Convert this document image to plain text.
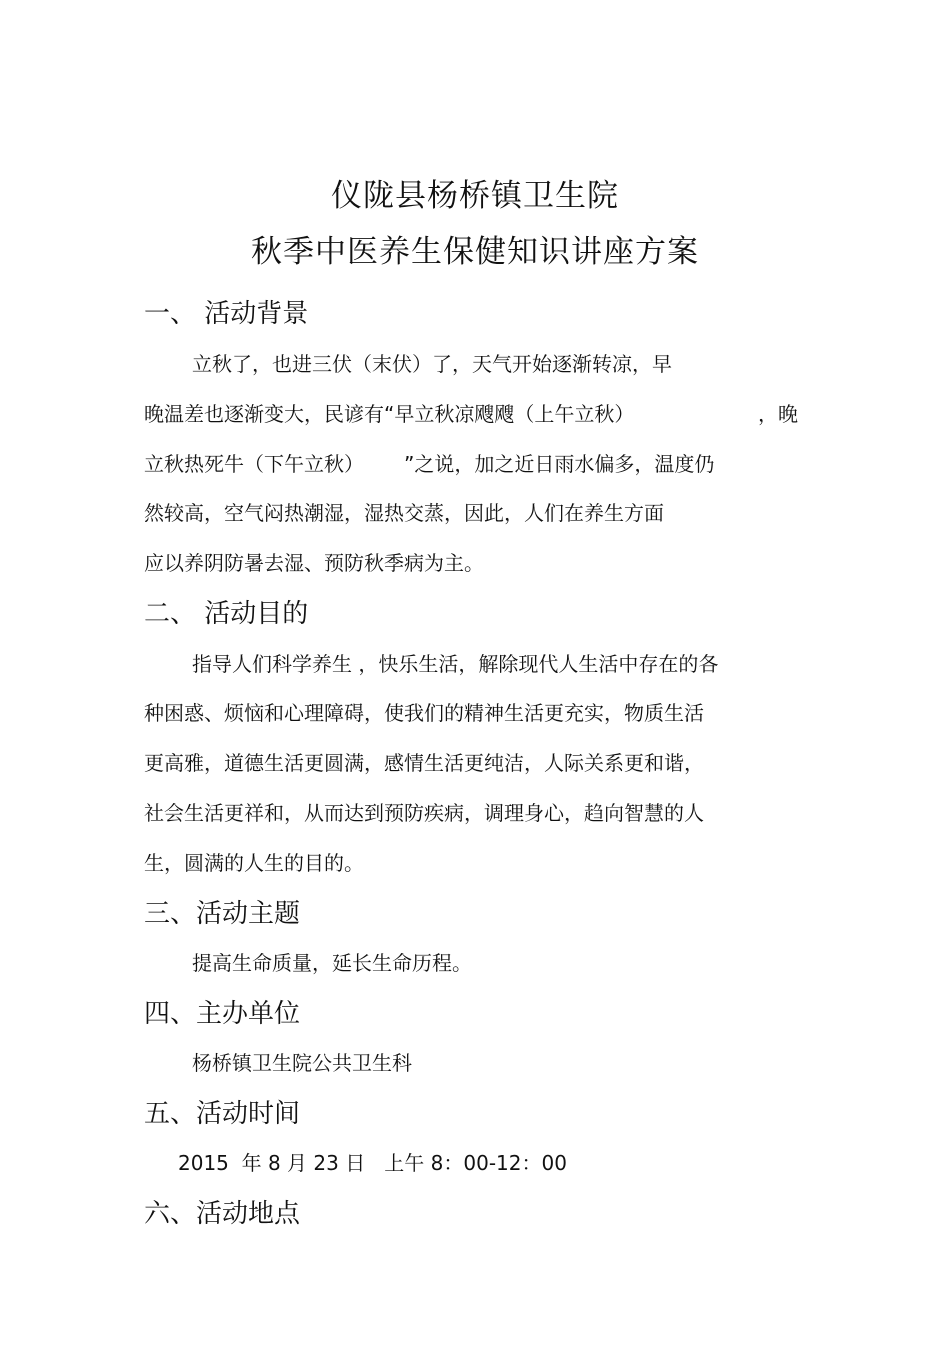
仪陇县杨桥镇卫生院
秋季中医养生保健知识讲座方案
一、 活动背景
立秋了，也进三伏（末伏）了，天气开始逐渐转凉，早
晚温差也逐渐变大，民谚有“早立秋凉飕飕（上午立秋）	，晚
立秋热死牛（下午立秋） ”之说，加之近日雨水偏多，温度仍
然较高，空气闷热潮湿，湿热交蒸，因此，人们在养生方面
应以养阴防暑去湿、预防秋季病为主。
二、 活动目的
指导人们科学养生 ，快乐生活，解除现代人生活中存在的各
种困惑、烦恼和心理障碍，使我们的精神生活更充实，物质生活
更高雅，道德生活更圆满，感情生活更纯洁，人际关系更和谐，
社会生活更祥和，从而达到预防疾病，调理身心，趋向智慧的人
生，圆满的人生的目的。
三、活动主题
提高生命质量，延长生命历程。
四、主办单位
杨桥镇卫生院公共卫生科
五、活动时间
2015  年 8 月 23 日   上午 8：00-12：00
六、活动地点
